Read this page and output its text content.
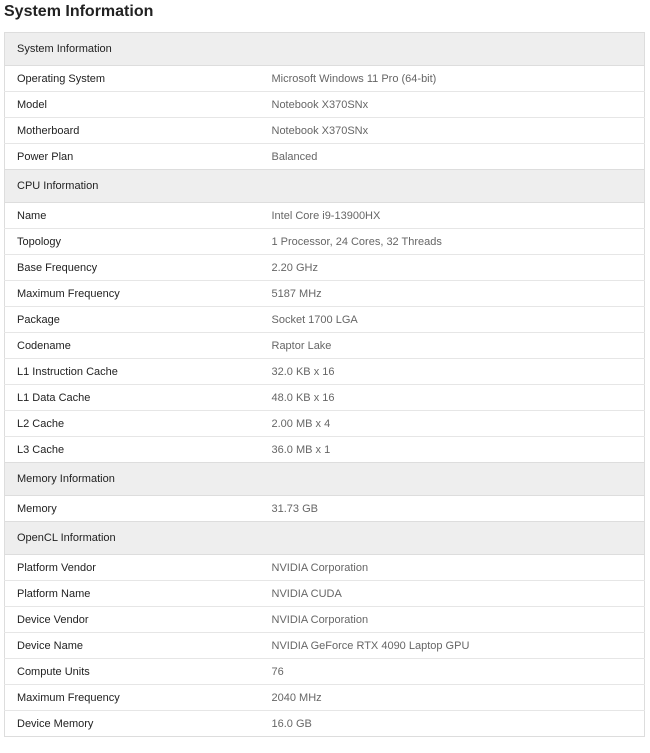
System Information
System Information	
Operating System	Microsoft Windows 11 Pro (64-bit)
Model	Notebook X370SNx
Motherboard	Notebook X370SNx
Power Plan	Balanced
CPU Information	
Name	Intel Core i9-13900HX
Topology	1 Processor, 24 Cores, 32 Threads
Base Frequency	2.20 GHz
Maximum Frequency	5187 MHz
Package	Socket 1700 LGA
Codename	Raptor Lake
L1 Instruction Cache	32.0 KB x 16
L1 Data Cache	48.0 KB x 16
L2 Cache	2.00 MB x 4
L3 Cache	36.0 MB x 1
Memory Information	
Memory	31.73 GB
OpenCL Information	
Platform Vendor	NVIDIA Corporation
Platform Name	NVIDIA CUDA
Device Vendor	NVIDIA Corporation
Device Name	NVIDIA GeForce RTX 4090 Laptop GPU
Compute Units	76
Maximum Frequency	2040 MHz
Device Memory	16.0 GB
